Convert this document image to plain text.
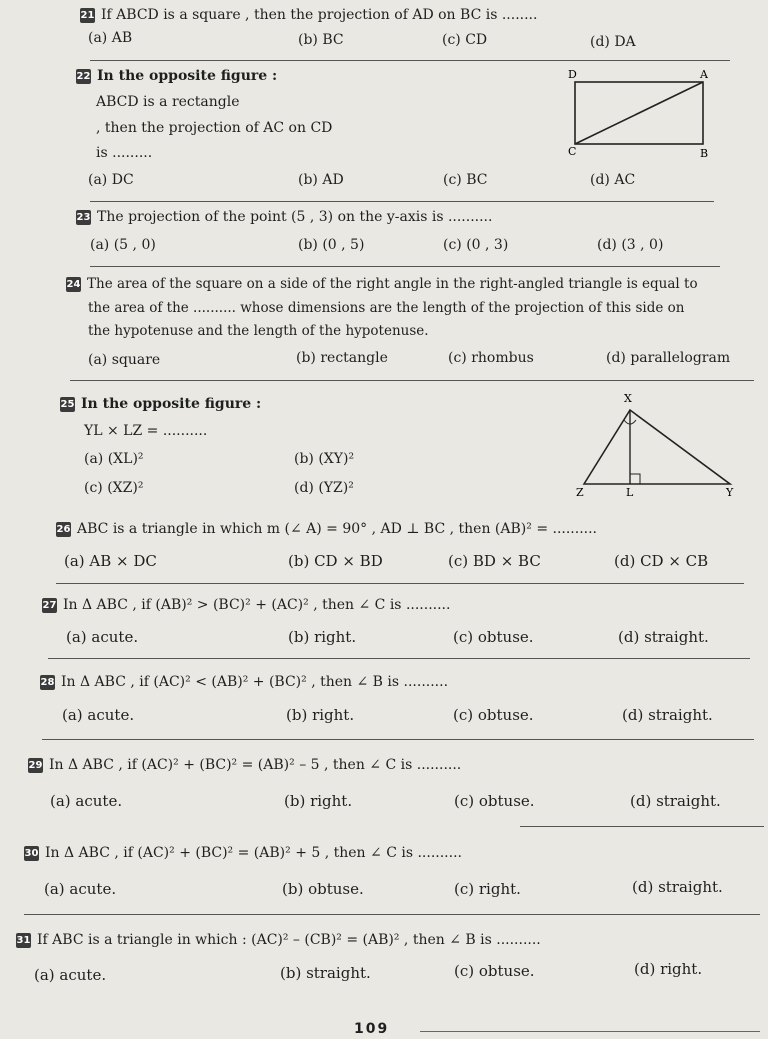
21 If ABCD is a square , then the projection of AD on BC is ........
(a) AB	(b) BC	(c) CD	(d) DA
22 In the opposite figure :
ABCD is a rectangle
, then the projection of AC on CD
is .........
D	A
C	B
(a) DC	(b) AD	(c) BC	(d) AC
23 The projection of the point (5 , 3) on the y-axis is ..........
(a) (5 , 0)	(b) (0 , 5)	(c) (0 , 3)	(d) (3 , 0)
24 The area of the square on a side of the right angle in the right-angled triangle is equal to
the area of the .......... whose dimensions are the length of the projection of this side on
the hypotenuse and the length of the hypotenuse.
(a) square	(b) rectangle	(c) rhombus	(d) parallelogram
25 In the opposite figure :
YL × LZ = ..........
(a) (XL)²	(b) (XY)²
(c) (XZ)²	(d) (YZ)²
X
Z	L	Y
26 ABC is a triangle in which m (∠ A) = 90° , AD ⊥ BC , then (AB)² = ..........
(a) AB × DC	(b) CD × BD	(c) BD × BC	(d) CD × CB
27 In Δ ABC , if (AB)² > (BC)² + (AC)² , then ∠ C is ..........
(a) acute.	(b) right.	(c) obtuse.	(d) straight.
28 In Δ ABC , if (AC)² < (AB)² + (BC)² , then ∠ B is ..........
(a) acute.	(b) right.	(c) obtuse.	(d) straight.
29 In Δ ABC , if (AC)² + (BC)² = (AB)² – 5 , then ∠ C is ..........
(a) acute.	(b) right.	(c) obtuse.	(d) straight.
30 In Δ ABC , if (AC)² + (BC)² = (AB)² + 5 , then ∠ C is ..........
(a) acute.	(b) obtuse.	(c) right.	(d) straight.
31 If ABC is a triangle in which : (AC)² – (CB)² = (AB)² , then ∠ B is ..........
(a) acute.	(b) straight.	(c) obtuse.	(d) right.
109
